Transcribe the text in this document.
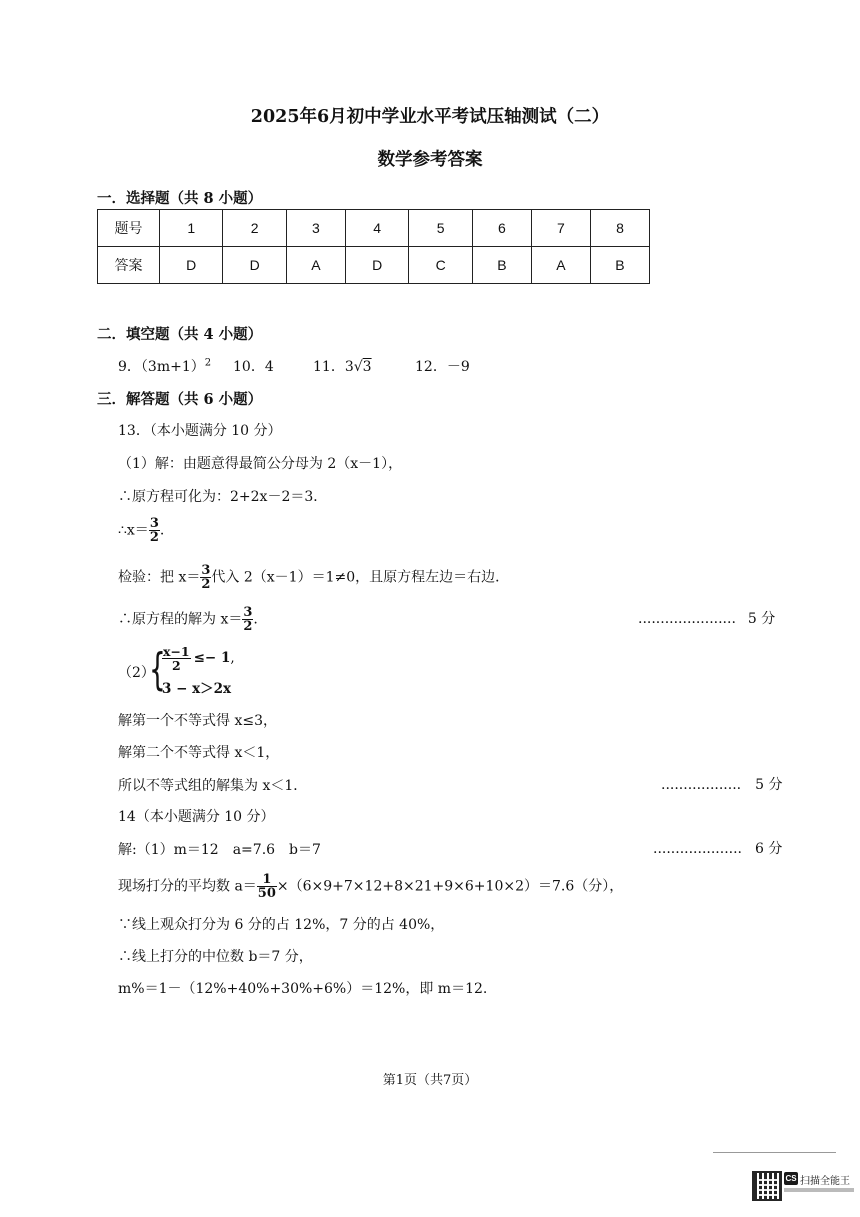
2025年6月初中学业水平考试压轴测试（二）
数学参考答案
一．选择题（共 8 小题）
题号	1	2	3	4	5	6	7	8
答案	D	D	A	D	C	B	A	B
二．填空题（共 4 小题）
9．$(3m+1)^2$ 10．4	11．3√3	12．－9
三．解答题（共 6 小题）
13．（本小题满分 10 分）
（1）解：由题意得最简公分母为 2（x－1），
∴原方程可化为：2+2x－2＝3．
∴x＝ $\frac{3}{2}$ .
检验：把 $x= \frac{3}{2}$ 代入 2（x－1）＝1≠0，且原方程左边＝右边．
∴原方程的解为 $x= \frac{3}{2}$ .	...................... 5 分
（2）
{
$\frac{x-1}{2} \le- 1$,
3 − x＞2x
解第一个不等式得 x≤3，
解第二个不等式得 x＜1，
所以不等式组的解集为 x＜1．	.................. 5 分
14（本小题满分 10 分）
解:（1）m＝12　a=7.6　b＝7	.................... 6 分
现场打分的平均数 $a= \frac{1}{50} \times(6\times 9+7\times 12+8\times 21+9\times 6+10\times 2)=7.6$（分），
∵线上观众打分为 6 分的占 12%，7 分的占 40%，
∴线上打分的中位数 b＝7 分，
m%＝1－（12%+40%+30%+6%）＝12%，即 m＝12.
第1页（共7页）
CS 扫描全能王
